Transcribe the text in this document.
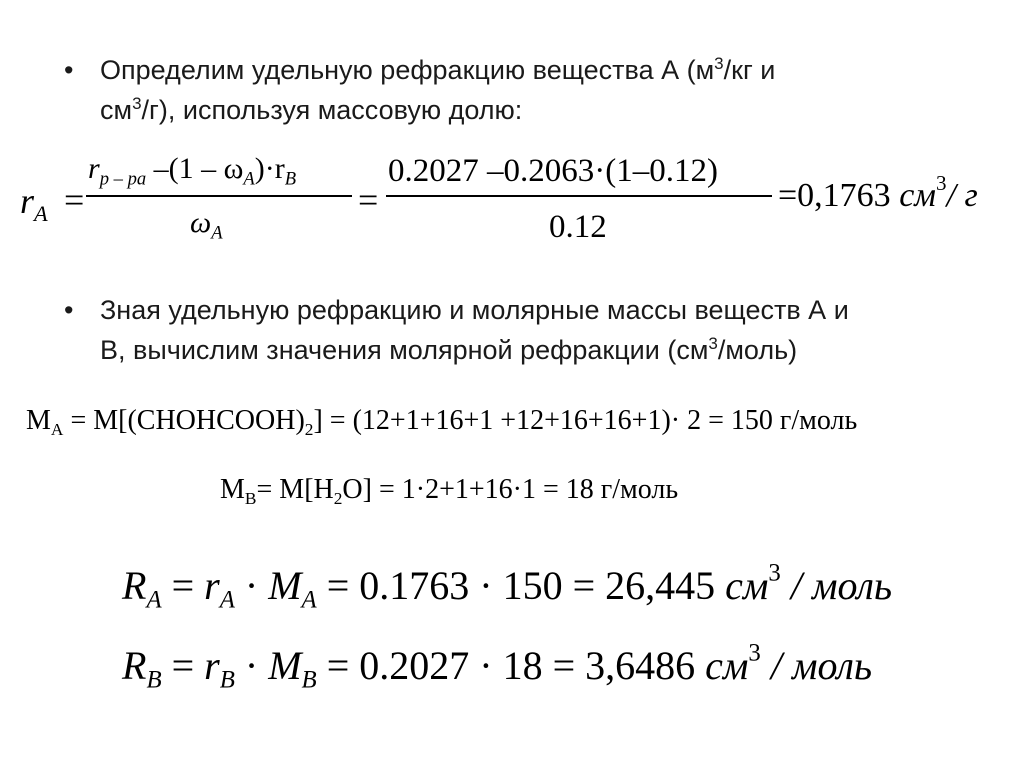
• Определим удельную рефракцию вещества А ($м^3/кг$ и
$см^3/г$), используя массовую долю:
$r_A$ =
$r_{p - pa}$ $-(1 - \omega_A)\cdot r_B$
$\omega_A$
=
0.2027 –0.2063·(1–0.12)
0.12
=0,1763 $см^3/$ г
• Зная удельную рефракцию и молярные массы веществ А и
В, вычислим значения молярной рефракции $(см^3/моль)$
$M_A$ = $M[(CHOHCOOH)_2] = (12+1+16+1 +12+16+16+1)\cdot 2 = 150$ г/моль
$M_B= M[H_2O] = 1\cdot 2+1+16\cdot 1 = 18$ г/моль
$R_A = r_A \cdot M_A = 0.1763 \cdot 150 = 26,445$ $см^3$ / моль
$R_B = r_B \cdot M_B = 0.2027 \cdot 18 = 3,6486$ $см^3$ / моль
